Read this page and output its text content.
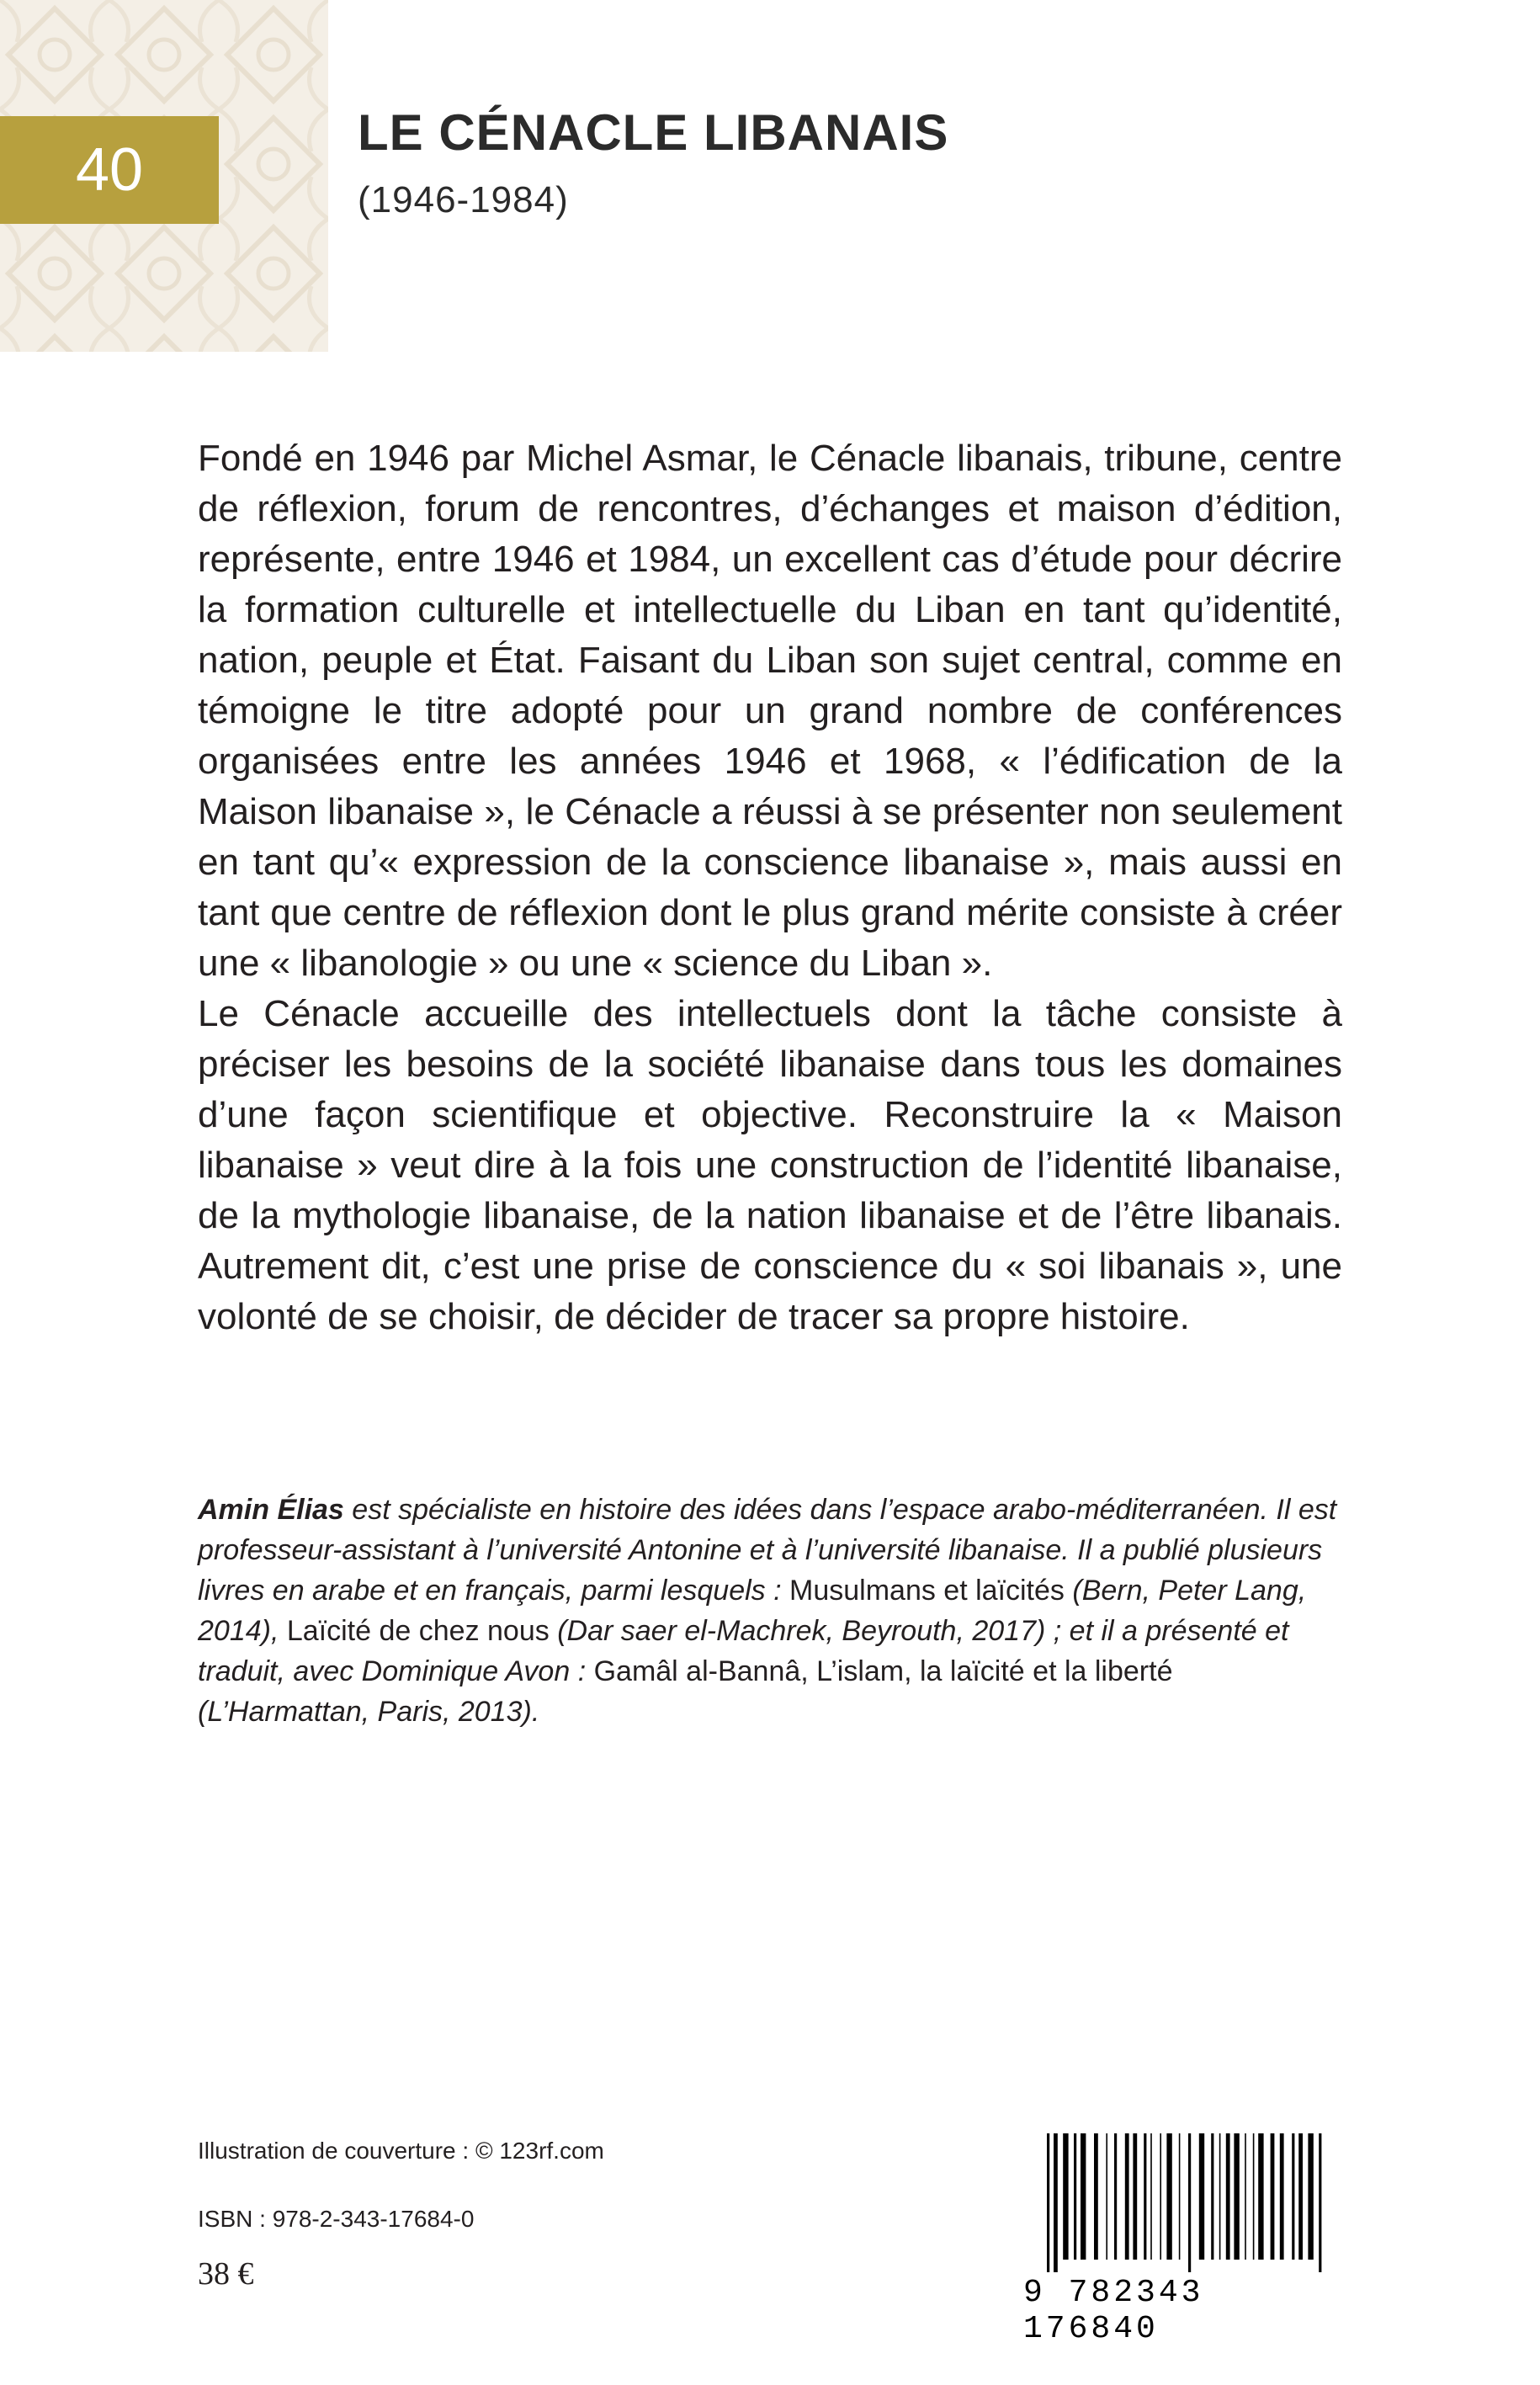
40
LE CÉNACLE LIBANAIS
(1946-1984)

Fondé en 1946 par Michel Asmar, le Cénacle libanais, tribune, centre de réflexion, forum de rencontres, d’échanges et maison d’édition, représente, entre 1946 et 1984, un excellent cas d’étude pour décrire la formation culturelle et intellectuelle du Liban en tant qu’identité, nation, peuple et État. Faisant du Liban son sujet central, comme en témoigne le titre adopté pour un grand nombre de conférences organisées entre les années 1946 et 1968, « l’édification de la Maison libanaise », le Cénacle a réussi à se présenter non seulement en tant qu’« expression de la conscience libanaise », mais aussi en tant que centre de réflexion dont le plus grand mérite consiste à créer une « libanologie » ou une « science du Liban ».

Le Cénacle accueille des intellectuels dont la tâche consiste à préciser les besoins de la société libanaise dans tous les domaines d’une façon scientifique et objective. Reconstruire la « Maison libanaise » veut dire à la fois une construction de l’identité libanaise, de la mythologie libanaise, de la nation libanaise et de l’être libanais. Autrement dit, c’est une prise de conscience du « soi libanais », une volonté de se choisir, de décider de tracer sa propre histoire.

Amin Élias est spécialiste en histoire des idées dans l’espace arabo-méditerranéen. Il est professeur-assistant à l’université Antonine et à l’université libanaise. Il a publié plusieurs livres en arabe et en français, parmi lesquels : Musulmans et laïcités (Bern, Peter Lang, 2014), Laïcité de chez nous (Dar saer el-Machrek, Beyrouth, 2017) ; et il a présenté et traduit, avec Dominique Avon : Gamâl al-Bannâ, L’islam, la laïcité et la liberté (L’Harmattan, Paris, 2013).
Illustration de couverture : © 123rf.com
ISBN : 978-2-343-17684-0
38 €
9 782343 176840
